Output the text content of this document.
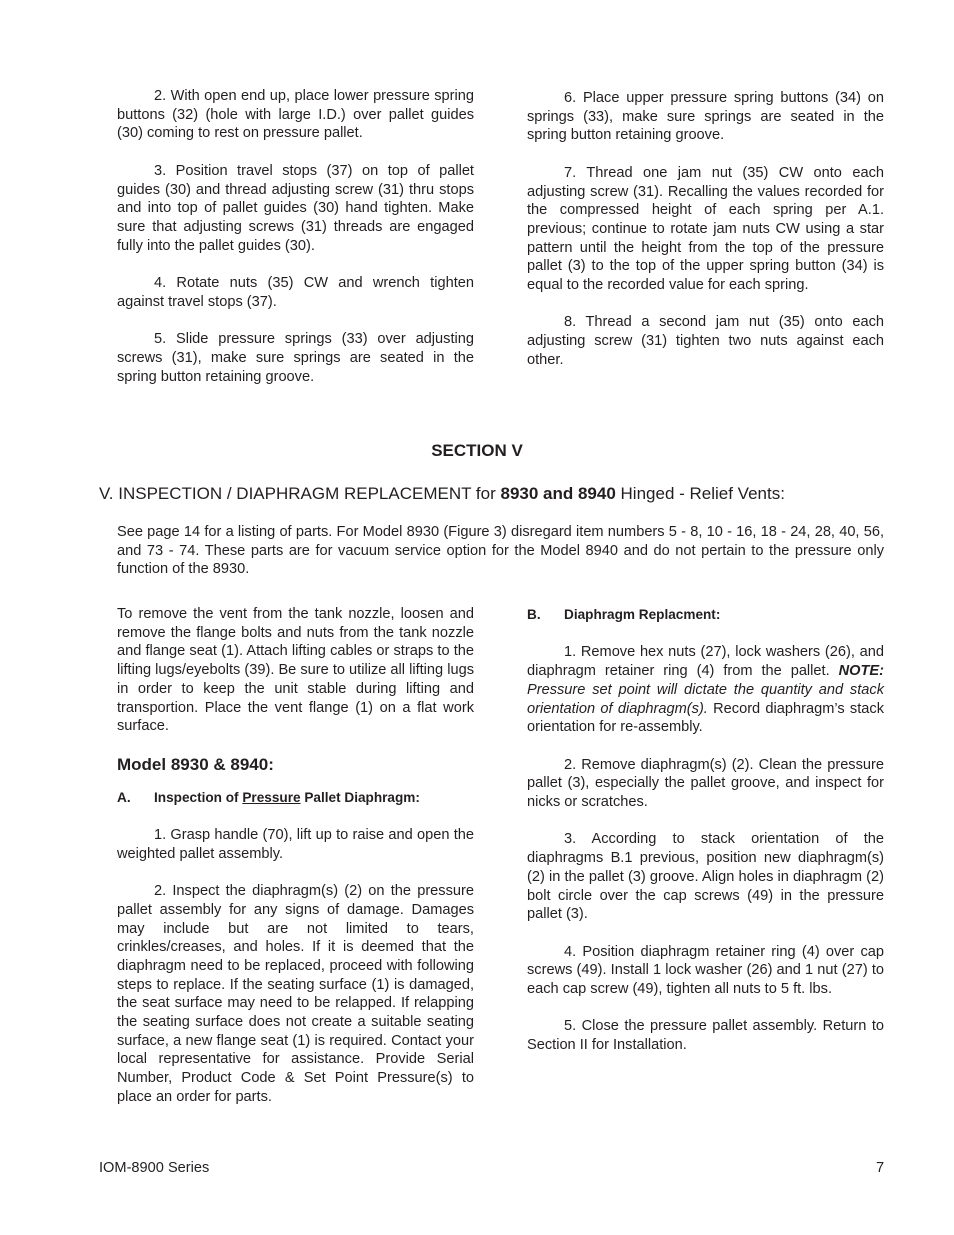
2. With open end up, place lower pressure spring buttons (32) (hole with large I.D.) over pallet guides (30) coming to rest on pressure pallet.

3. Position travel stops (37) on top of pallet guides (30) and thread adjusting screw (31) thru stops and into top of pallet guides (30) hand tighten. Make sure that adjusting screws (31) threads are engaged fully into the pallet guides (30).

4. Rotate nuts (35) CW and wrench tighten against travel stops (37).

5. Slide pressure springs (33) over adjusting screws (31), make sure springs are seated in the spring button retaining groove.

6. Place upper pressure spring buttons (34) on springs (33), make sure springs are seated in the spring button retaining groove.

7. Thread one jam nut (35) CW onto each adjusting screw (31). Recalling the values recorded for the compressed height of each spring per A.1. previous; continue to rotate jam nuts CW using a star pattern until the height from the top of the pressure pallet (3) to the top of the upper spring button (34) is equal to the recorded value for each spring.

8. Thread a second jam nut (35) onto each adjusting screw (31) tighten two nuts against each other.

SECTION V
V. INSPECTION / DIAPHRAGM REPLACEMENT for 8930 and 8940 Hinged - Relief Vents:

See page 14 for a listing of parts. For Model 8930 (Figure 3) disregard item numbers 5 - 8, 10 - 16, 18 - 24, 28, 40, 56, and 73 - 74. These parts are for vacuum service option for the Model 8940 and do not pertain to the pressure only function of the 8930.

To remove the vent from the tank nozzle, loosen and remove the flange bolts and nuts from the tank nozzle and flange seat (1). Attach lifting cables or straps to the lifting lugs/eyebolts (39). Be sure to utilize all lifting lugs in order to keep the unit stable during lifting and transportion. Place the vent flange (1) on a flat work surface.

Model 8930 & 8940:
A. Inspection of Pressure Pallet Diaphragm:

1. Grasp handle (70), lift up to raise and open the weighted pallet assembly.

2. Inspect the diaphragm(s) (2) on the pressure pallet assembly for any signs of damage. Damages may include but are not limited to tears, crinkles/creases, and holes. If it is deemed that the diaphragm need to be replaced, proceed with following steps to replace. If the seating surface (1) is damaged, the seat surface may need to be relapped. If relapping the seating surface does not create a suitable seating surface, a new flange seat (1) is required. Contact your local representative for assistance. Provide Serial Number, Product Code & Set Point Pressure(s) to place an order for parts.

B. Diaphragm Replacment:

1. Remove hex nuts (27), lock washers (26), and diaphragm retainer ring (4) from the pallet. NOTE: Pressure set point will dictate the quantity and stack orientation of diaphragm(s). Record diaphragm’s stack orientation for re-assembly.

2. Remove diaphragm(s) (2). Clean the pressure pallet (3), especially the pallet groove, and inspect for nicks or scratches.

3. According to stack orientation of the diaphragms B.1 previous, position new diaphragm(s) (2) in the pallet (3) groove. Align holes in diaphragm (2) bolt circle over the cap screws (49) in the pressure pallet (3).

4. Position diaphragm retainer ring (4) over cap screws (49). Install 1 lock washer (26) and 1 nut (27) to each cap screw (49), tighten all nuts to 5 ft. lbs.

5. Close the pressure pallet assembly. Return to Section II for Installation.

IOM-8900 Series	7
